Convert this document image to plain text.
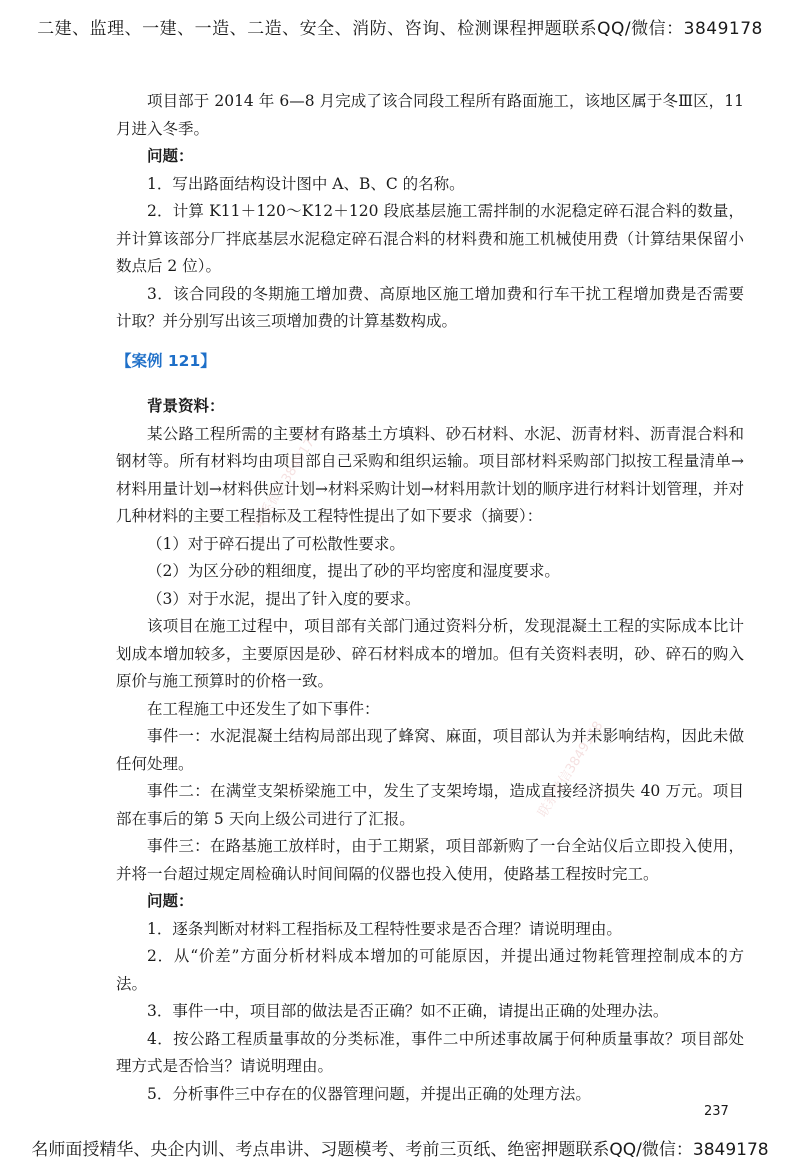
二建、监理、一建、一造、二造、安全、消防、咨询、检测课程押题联系QQ/微信：3849178

项目部于 2014 年 6—8 月完成了该合同段工程所有路面施工，该地区属于冬Ⅲ区，11 月进入冬季。

问题：

1．写出路面结构设计图中 A、B、C 的名称。

2．计算 K11＋120～K12＋120 段底基层施工需拌制的水泥稳定碎石混合料的数量，并计算该部分厂拌底基层水泥稳定碎石混合料的材料费和施工机械使用费（计算结果保留小数点后 2 位）。

3．该合同段的冬期施工增加费、高原地区施工增加费和行车干扰工程增加费是否需要计取？并分别写出该三项增加费的计算基数构成。

【案例 121】

背景资料：

某公路工程所需的主要材有路基土方填料、砂石材料、水泥、沥青材料、沥青混合料和钢材等。所有材料均由项目部自己采购和组织运输。项目部材料采购部门拟按工程量清单→材料用量计划→材料供应计划→材料采购计划→材料用款计划的顺序进行材料计划管理，并对几种材料的主要工程指标及工程特性提出了如下要求（摘要）：

（1）对于碎石提出了可松散性要求。

（2）为区分砂的粗细度，提出了砂的平均密度和湿度要求。

（3）对于水泥，提出了针入度的要求。

该项目在施工过程中，项目部有关部门通过资料分析，发现混凝土工程的实际成本比计划成本增加较多，主要原因是砂、碎石材料成本的增加。但有关资料表明，砂、碎石的购入原价与施工预算时的价格一致。

在工程施工中还发生了如下事件：

事件一：水泥混凝土结构局部出现了蜂窝、麻面，项目部认为并未影响结构，因此未做任何处理。

事件二：在满堂支架桥梁施工中，发生了支架垮塌，造成直接经济损失 40 万元。项目部在事后的第 5 天向上级公司进行了汇报。

事件三：在路基施工放样时，由于工期紧，项目部新购了一台全站仪后立即投入使用，并将一台超过规定周检确认时间间隔的仪器也投入使用，使路基工程按时完工。

问题：

1．逐条判断对材料工程指标及工程特性要求是否合理？请说明理由。

2．从“价差”方面分析材料成本增加的可能原因，并提出通过物耗管理控制成本的方法。

3．事件一中，项目部的做法是否正确？如不正确，请提出正确的处理办法。

4．按公路工程质量事故的分类标准，事件二中所述事故属于何种质量事故？项目部处理方式是否恰当？请说明理由。

5．分析事件三中存在的仪器管理问题，并提出正确的处理方法。

联系微信3849178
联系微信3849178
237
名师面授精华、央企内训、考点串讲、习题模考、考前三页纸、绝密押题联系QQ/微信：3849178
